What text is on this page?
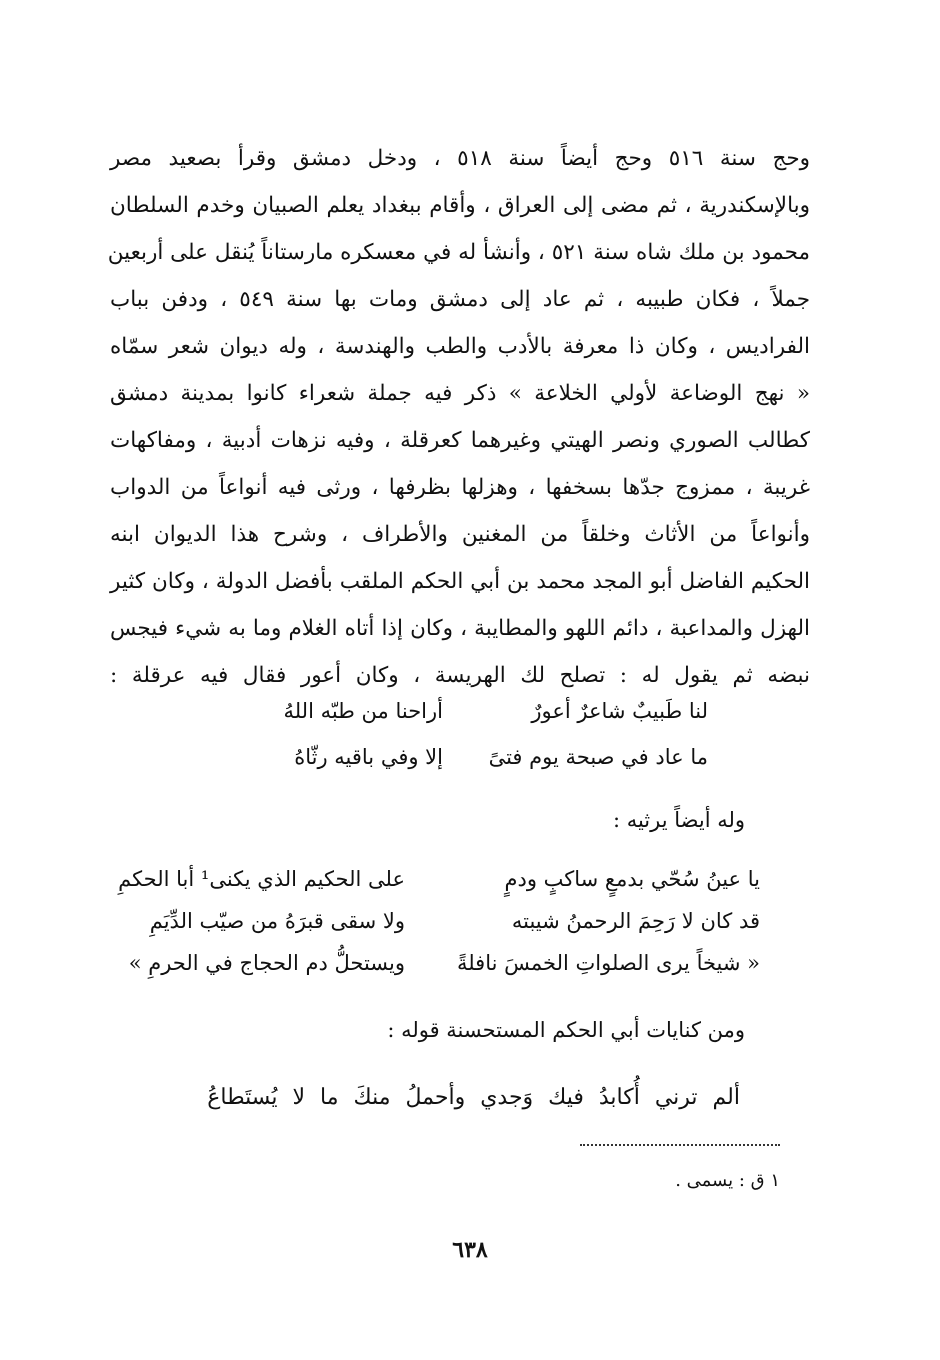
وحج سنة ٥١٦ وحج أيضاً سنة ٥١٨ ، ودخل دمشق وقرأ بصعيد مصر
وبالإسكندرية ، ثم مضى إلى العراق ، وأقام ببغداد يعلم الصبيان وخدم السلطان
محمود بن ملك شاه سنة ٥٢١ ، وأنشأ له في معسكره مارستاناً يُنقل على أربعين
جملاً ، فكان طبيبه ، ثم عاد إلى دمشق ومات بها سنة ٥٤٩ ، ودفن بباب
الفراديس ، وكان ذا معرفة بالأدب والطب والهندسة ، وله ديوان شعر سمّاه
« نهج الوضاعة لأولي الخلاعة » ذكر فيه جملة شعراء كانوا بمدينة دمشق
كطالب الصوري ونصر الهيتي وغيرهما كعرقلة ، وفيه نزهات أدبية ، ومفاكهات
غريبة ، ممزوج جدّها بسخفها ، وهزلها بظرفها ، ورثى فيه أنواعاً من الدواب
وأنواعاً من الأثاث وخلقاً من المغنين والأطراف ، وشرح هذا الديوان ابنه
الحكيم الفاضل أبو المجد محمد بن أبي الحكم الملقب بأفضل الدولة ، وكان كثير
الهزل والمداعبة ، دائم اللهو والمطايبة ، وكان إذا أتاه الغلام وما به شيء فيجس
نبضه ثم يقول له : تصلح لك الهريسة ، وكان أعور فقال فيه عرقلة :
لنا طَبيبٌ شاعرٌ أعورٌ
أراحنا من طبّه اللهُ
ما عاد في صبحة يوم فتىً
إلا وفي باقيه رثّاهُ
وله أيضاً يرثيه :
يا عينُ سُحّي بدمعٍ ساكبٍ ودمٍ
على الحكيم الذي يكنى¹ أبا الحكمِ
قد كان لا رَحِمَ الرحمنُ شيبته
ولا سقى قبرَهُ من صيّب الدِّيَمِ
« شيخاً يرى الصلواتِ الخمسَ نافلةً
ويستحلُّ دم الحجاج في الحرمِ »
ومن كنايات أبي الحكم المستحسنة قوله :
ألم ترني أُكابدُ فيك وَجدي وأحملُ منكَ ما لا يُستَطاعُ
١ ق : يسمى .
٦٣٨
